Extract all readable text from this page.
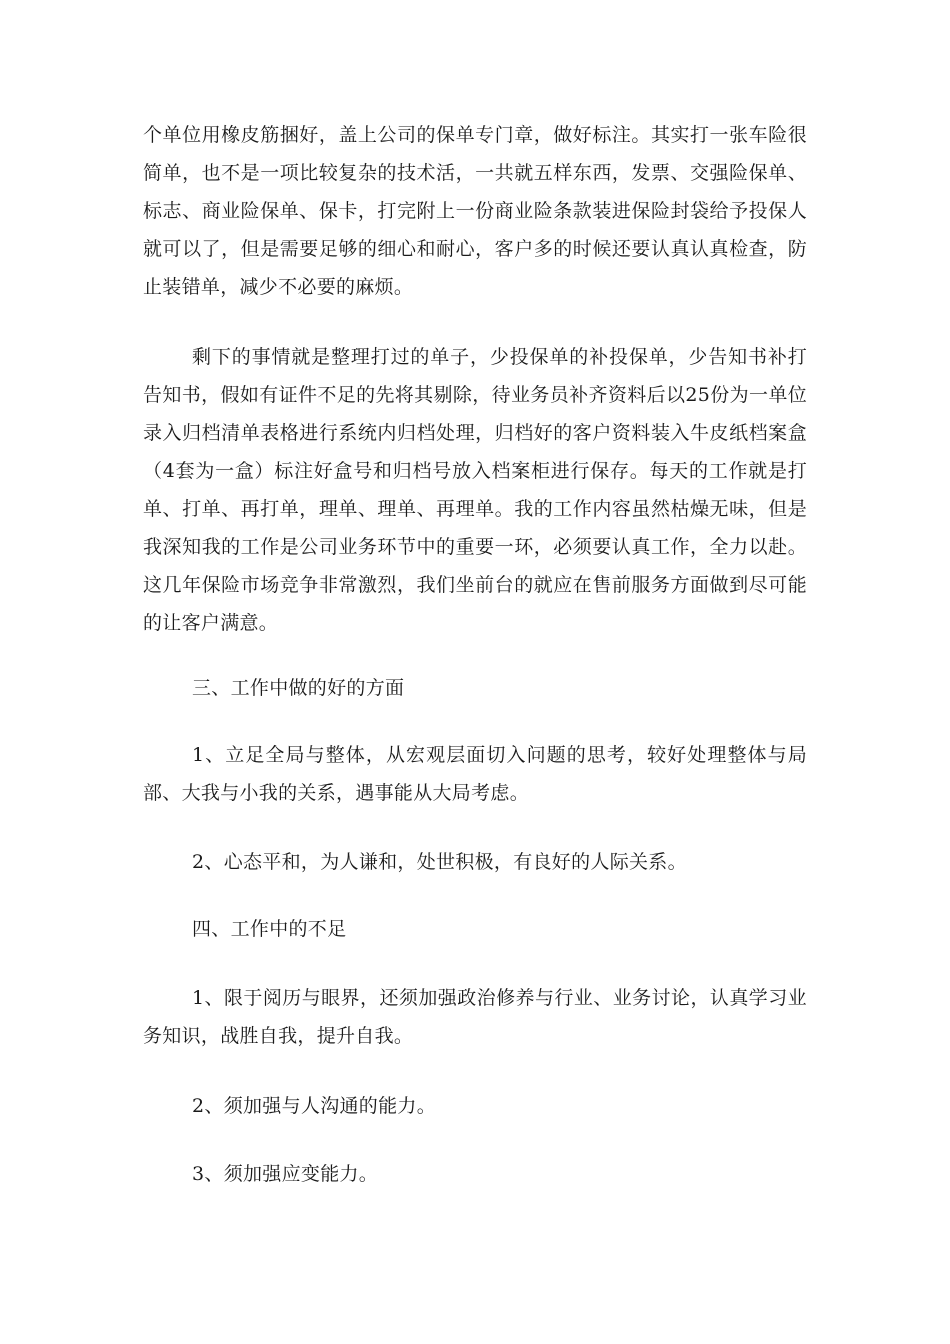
个单位用橡皮筋捆好，盖上公司的保单专门章，做好标注。其实打一张车险很简单，也不是一项比较复杂的技术活，一共就五样东西，发票、交强险保单、标志、商业险保单、保卡，打完附上一份商业险条款装进保险封袋给予投保人就可以了，但是需要足够的细心和耐心，客户多的时候还要认真认真检查，防止装错单，减少不必要的麻烦。

剩下的事情就是整理打过的单子，少投保单的补投保单，少告知书补打告知书，假如有证件不足的先将其剔除，待业务员补齐资料后以25份为一单位录入归档清单表格进行系统内归档处理，归档好的客户资料装入牛皮纸档案盒（4套为一盒）标注好盒号和归档号放入档案柜进行保存。每天的工作就是打单、打单、再打单，理单、理单、再理单。我的工作内容虽然枯燥无味，但是我深知我的工作是公司业务环节中的重要一环，必须要认真工作，全力以赴。这几年保险市场竞争非常激烈，我们坐前台的就应在售前服务方面做到尽可能的让客户满意。

三、工作中做的好的方面

1、立足全局与整体，从宏观层面切入问题的思考，较好处理整体与局部、大我与小我的关系，遇事能从大局考虑。

2、心态平和，为人谦和，处世积极，有良好的人际关系。

四、工作中的不足

1、限于阅历与眼界，还须加强政治修养与行业、业务讨论，认真学习业务知识，战胜自我，提升自我。

2、须加强与人沟通的能力。

3、须加强应变能力。
